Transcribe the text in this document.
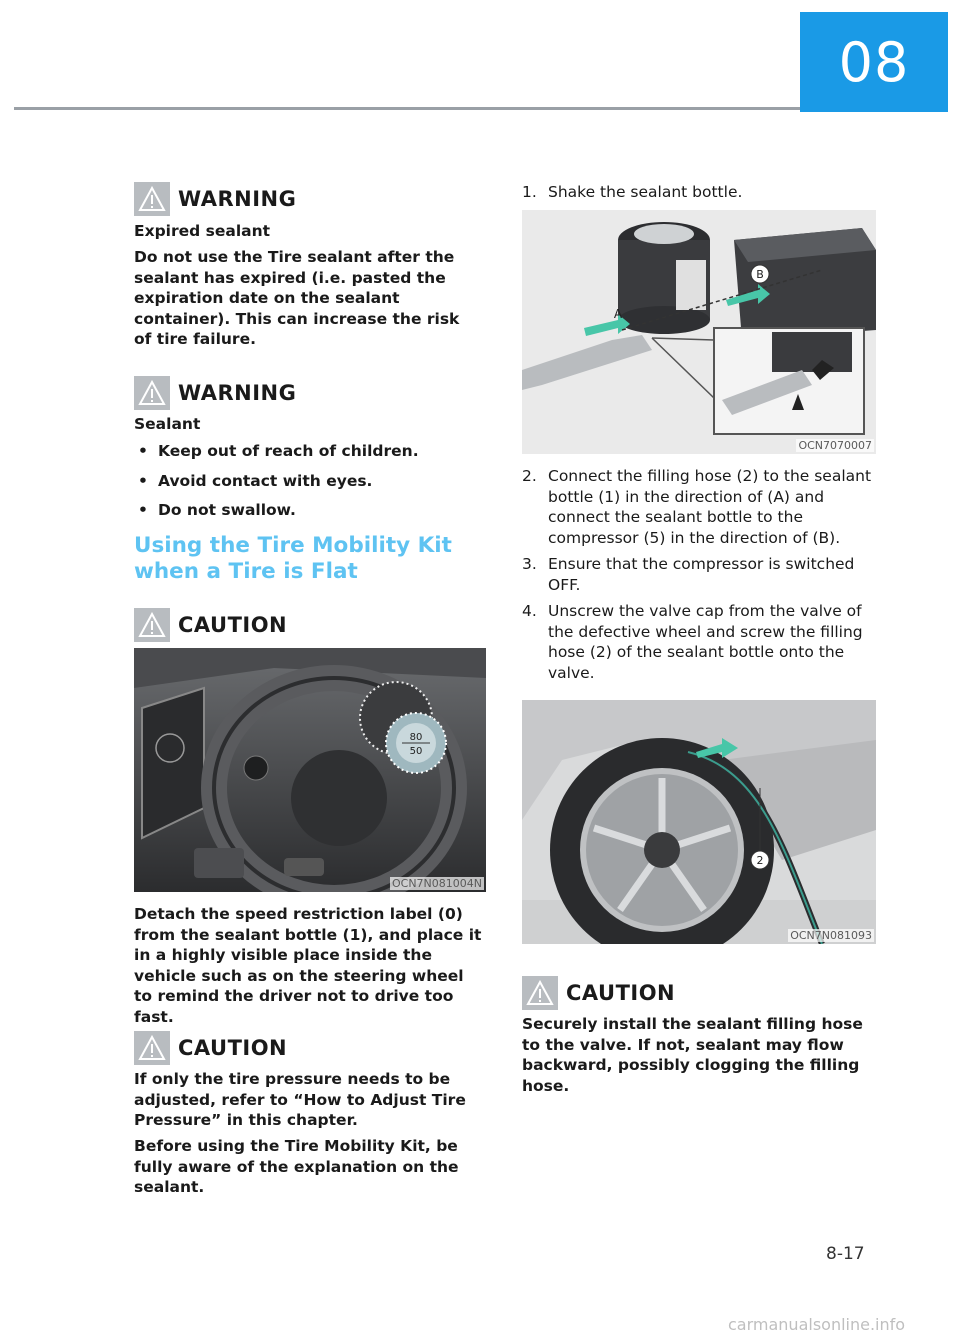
08
WARNING
Expired sealant
Do not use the Tire sealant after the sealant has expired (i.e. pasted the expiration date on the sealant container). This can increase the risk of tire failure.
WARNING
Sealant
• Keep out of reach of children.
• Avoid contact with eyes.
• Do not swallow.
Using the Tire Mobility Kit when a Tire is Flat
CAUTION
80
50
OCN7N081004N
Detach the speed restriction label (0) from the sealant bottle (1), and place it in a highly visible place inside the vehicle such as on the steering wheel to remind the driver not to drive too fast.
CAUTION
If only the tire pressure needs to be adjusted, refer to “How to Adjust Tire Pressure” in this chapter.
Before using the Tire Mobility Kit, be fully aware of the explanation on the sealant.
1. Shake the sealant bottle.
B
A
OCN7070007
2. Connect the filling hose (2) to the sealant bottle (1) in the direction of (A) and connect the sealant bottle to the compressor (5) in the direction of (B).
3. Ensure that the compressor is switched OFF.
4. Unscrew the valve cap from the valve of the defective wheel and screw the filling hose (2) of the sealant bottle onto the valve.
2
OCN7N081093
CAUTION
Securely install the sealant filling hose to the valve. If not, sealant may flow backward, possibly clogging the filling hose.
8-17
carmanualsonline.info
